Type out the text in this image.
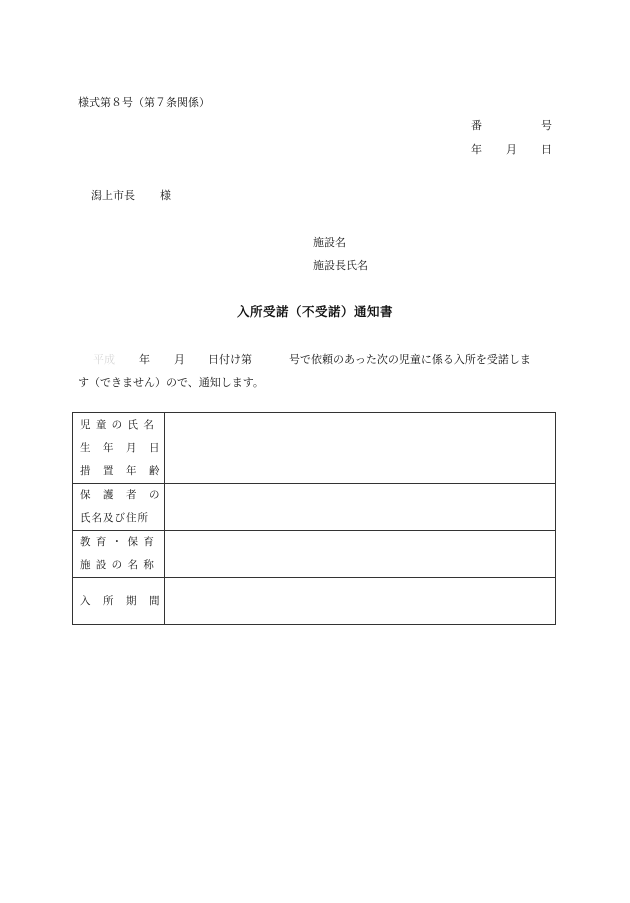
様式第８号（第７条関係）
番	号
年 月 日
潟上市長 様
施設名
施設長氏名
入所受諾（不受諾）通知書
平成 年 月 日付け第	号で依頼のあった次の児童に係る入所を受諾しま
す（できません）ので、通知します。
児 童 の 氏 名
生　年　月　日
措　置　年　齢	

保　護　者　の
氏名及び住所	

教 育 ・ 保 育
施 設 の 名 称	

入　所　期　間	
